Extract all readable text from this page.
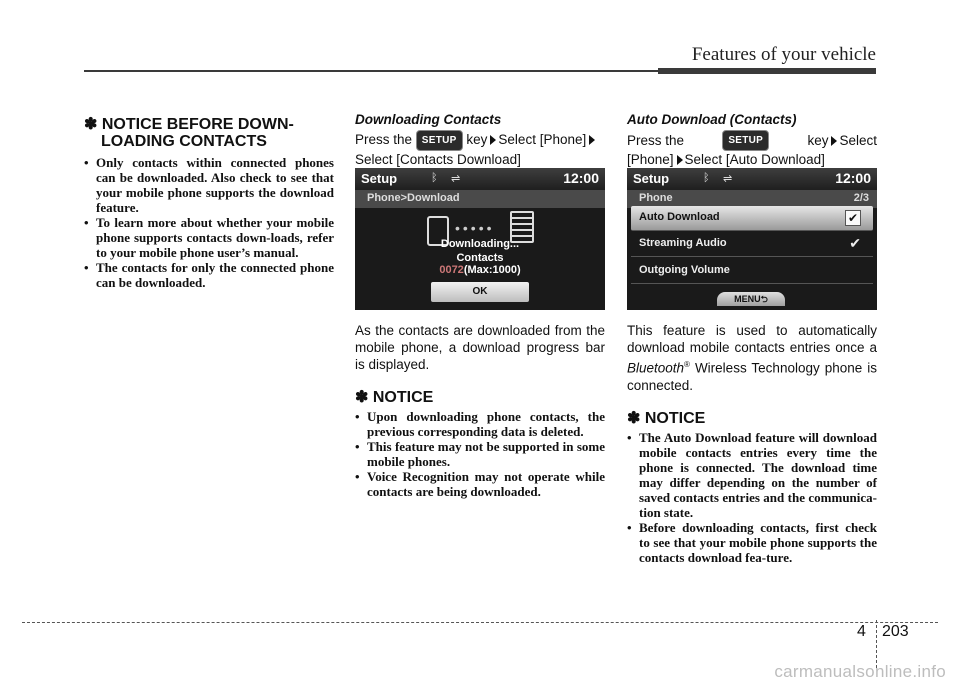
Features of your vehicle
✽ NOTICE BEFORE DOWN-
LOADING CONTACTS
• Only contacts within connected phones can be downloaded. Also check to see that your mobile phone supports the download feature.
• To learn more about whether your mobile phone supports contacts down-loads, refer to your mobile phone user’s manual.
• The contacts for only the connected phone can be downloaded.
Downloading Contacts
Press the SETUP key Select [Phone]
Select [Contacts Download]
Setup	ᛒ ⇌	12:00
Phone>Download
•••••
Downloading...
Contacts
0072(Max:1000)
OK
As the contacts are downloaded from the mobile phone, a download progress bar is displayed.
✽ NOTICE
• Upon downloading phone contacts, the previous corresponding data is deleted.
• This feature may not be supported in some mobile phones.
• Voice Recognition may not operate while contacts are being downloaded.
Auto Download (Contacts)
Press the	SETUP	key Select
[Phone] Select [Auto Download]
Setup	ᛒ ⇌	12:00
Phone	2/3
Auto Download	✔
Streaming Audio	✔
Outgoing Volume
MENU⮌
This feature is used to automatically download mobile contacts entries once a Bluetooth® Wireless Technology phone is connected.
✽ NOTICE
• The Auto Download feature will download mobile contacts entries every time the phone is connected. The download time may differ depending on the number of saved contacts entries and the communica-tion state.
• Before downloading contacts, first check to see that your mobile phone supports the contacts download fea-ture.
4 203
carmanualsonline.info
